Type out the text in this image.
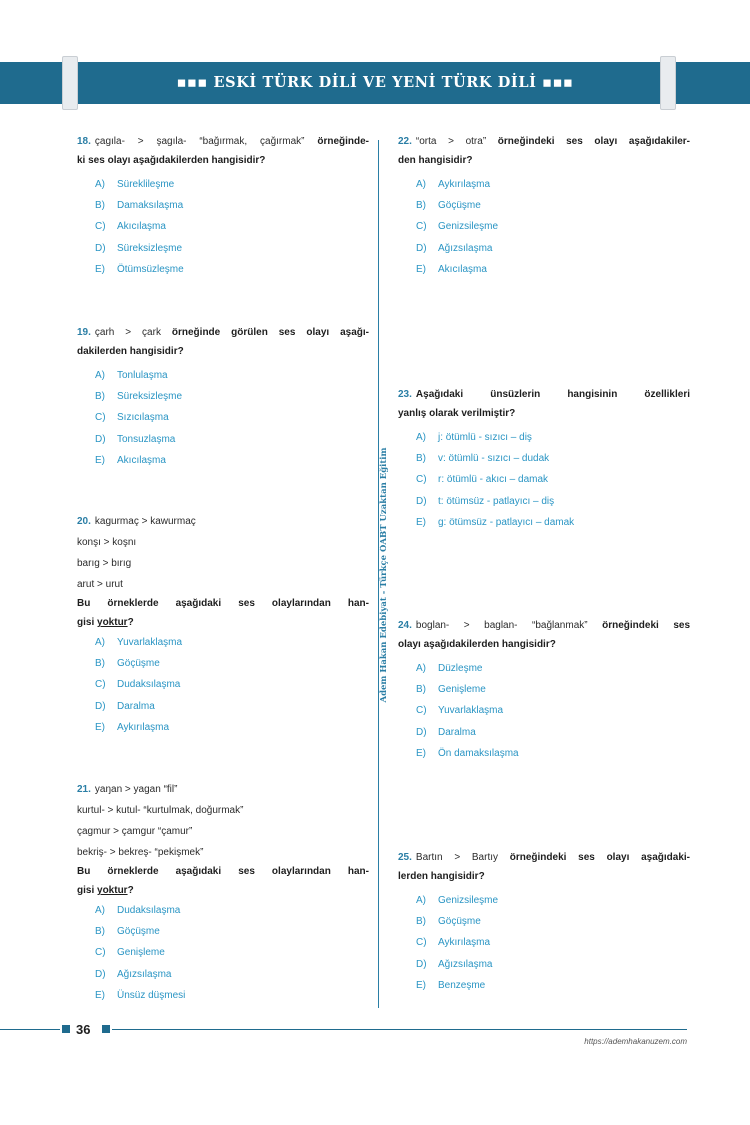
▪▪▪ ESKİ TÜRK DİLİ VE YENİ TÜRK DİLİ ▪▪▪
Adem Hakan Edebiyat - Türkçe ÖABT Uzaktan Eğitim
18. çagıla- > şagıla- “bağırmak, çağırmak” örneğinde-
ki ses olayı aşağıdakilerden hangisidir?
A) Süreklileşme
B) Damaksılaşma
C) Akıcılaşma
D) Süreksizleşme
E) Ötümsüzleşme
19. çarh > çark örneğinde görülen ses olayı aşağı-
dakilerden hangisidir?
A) Tonlulaşma
B) Süreksizleşme
C) Sızıcılaşma
D) Tonsuzlaşma
E) Akıcılaşma
20. kagurmaç > kawurmaç
konşı > koşnı
barıg > bırıg
arut > urut
Bu örneklerde aşağıdaki ses olaylarından han-
gisi yoktur?
A) Yuvarlaklaşma
B) Göçüşme
C) Dudaksılaşma
D) Daralma
E) Aykırılaşma
21. yaŋan > yagan “fil”
kurtul- > kutul- “kurtulmak, doğurmak”
çagmur > çamgur “çamur”
bekriş- > bekreş- “pekişmek”
Bu örneklerde aşağıdaki ses olaylarından han-
gisi yoktur?
A) Dudaksılaşma
B) Göçüşme
C) Genişleme
D) Ağızsılaşma
E) Ünsüz düşmesi
22. “orta > otra” örneğindeki ses olayı aşağıdakiler-
den hangisidir?
A) Aykırılaşma
B) Göçüşme
C) Genizsileşme
D) Ağızsılaşma
E) Akıcılaşma
23. Aşağıdaki ünsüzlerin hangisinin özellikleri
yanlış olarak verilmiştir?
A) j: ötümlü - sızıcı – diş
B) v: ötümlü - sızıcı – dudak
C) r: ötümlü - akıcı – damak
D) t: ötümsüz - patlayıcı – diş
E) g: ötümsüz - patlayıcı – damak
24. boglan- > baglan- “bağlanmak” örneğindeki ses
olayı aşağıdakilerden hangisidir?
A) Düzleşme
B) Genişleme
C) Yuvarlaklaşma
D) Daralma
E) Ön damaksılaşma
25. Bartın > Bartıy örneğindeki ses olayı aşağıdaki-
lerden hangisidir?
A) Genizsileşme
B) Göçüşme
C) Aykırılaşma
D) Ağızsılaşma
E) Benzeşme
36
https://ademhakanuzem.com
